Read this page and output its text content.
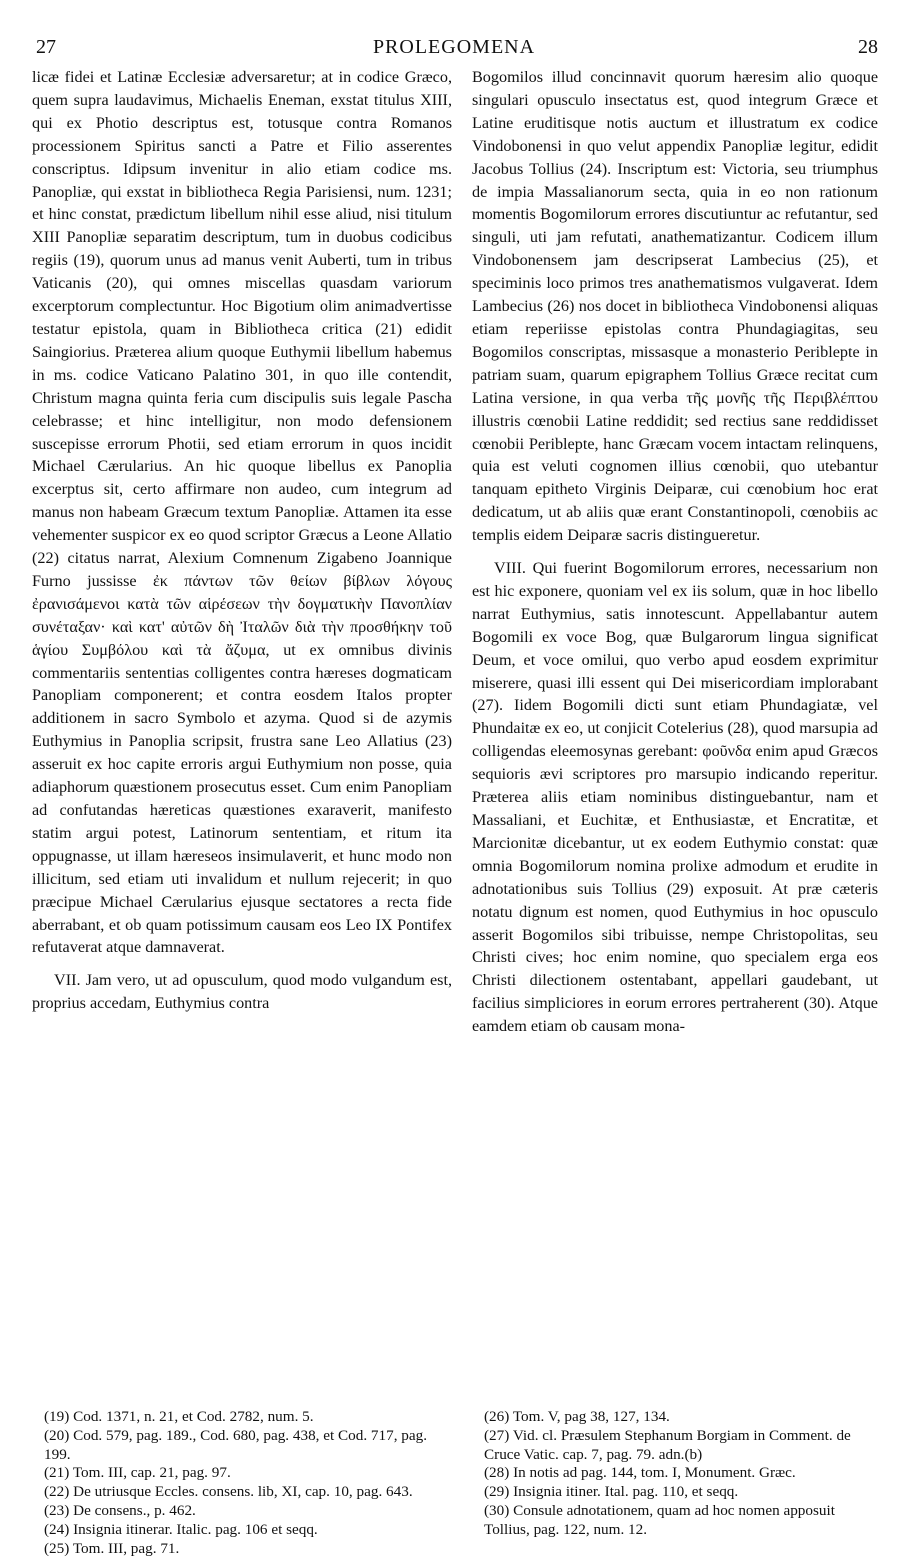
27	PROLEGOMENA	28

licæ fidei et Latinæ Ecclesiæ adversaretur; at in codice Græco, quem supra laudavimus, Michaelis Eneman, exstat titulus XIII, qui ex Photio descriptus est, totusque contra Romanos processionem Spiritus sancti a Patre et Filio asserentes conscriptus. Idipsum invenitur in alio etiam codice ms. Panopliæ, qui exstat in bibliotheca Regia Parisiensi, num. 1231; et hinc constat, prædictum libellum nihil esse aliud, nisi titulum XIII Panopliæ separatim descriptum, tum in duobus codicibus regiis (19), quorum unus ad manus venit Auberti, tum in tribus Vaticanis (20), qui omnes miscellas quasdam variorum excerptorum complectuntur. Hoc Bigotium olim animadvertisse testatur epistola, quam in Bibliotheca critica (21) edidit Saingiorius. Præterea alium quoque Euthymii libellum habemus in ms. codice Vaticano Palatino 301, in quo ille contendit, Christum magna quinta feria cum discipulis suis legale Pascha celebrasse; et hinc intelligitur, non modo defensionem suscepisse errorum Photii, sed etiam errorum in quos incidit Michael Cærularius. An hic quoque libellus ex Panoplia excerptus sit, certo affirmare non audeo, cum integrum ad manus non habeam Græcum textum Panopliæ. Attamen ita esse vehementer suspicor ex eo quod scriptor Græcus a Leone Allatio (22) citatus narrat, Alexium Comnenum Zigabeno Joannique Furno jussisse ἐκ πάντων τῶν θείων βίβλων λόγους ἐρανισάμενοι κατὰ τῶν αἱρέσεων τὴν δογματικὴν Πανοπλίαν συνέταξαν· καὶ κατ' αὐτῶν δὴ Ἰταλῶν διὰ τὴν προσθήκην τοῦ ἁγίου Συμβόλου καὶ τὰ ἄζυμα, ut ex omnibus divinis commentariis sententias colligentes contra hæreses dogmaticam Panopliam componerent; et contra eosdem Italos propter additionem in sacro Symbolo et azyma. Quod si de azymis Euthymius in Panoplia scripsit, frustra sane Leo Allatius (23) asseruit ex hoc capite erroris argui Euthymium non posse, quia adiaphorum quæstionem prosecutus esset. Cum enim Panopliam ad confutandas hæreticas quæstiones exaraverit, manifesto statim argui potest, Latinorum sententiam, et ritum ita oppugnasse, ut illam hæreseos insimulaverit, et hunc modo non illicitum, sed etiam uti invalidum et nullum rejecerit; in quo præcipue Michael Cærularius ejusque sectatores a recta fide aberrabant, et ob quam potissimum causam eos Leo IX Pontifex refutaverat atque damnaverat.

VII. Jam vero, ut ad opusculum, quod modo vulgandum est, proprius accedam, Euthymius contra

Bogomilos illud concinnavit quorum hæresim alio quoque singulari opusculo insectatus est, quod integrum Græce et Latine eruditisque notis auctum et illustratum ex codice Vindobonensi in quo velut appendix Panopliæ legitur, edidit Jacobus Tollius (24). Inscriptum est: Victoria, seu triumphus de impia Massalianorum secta, quia in eo non rationum momentis Bogomilorum errores discutiuntur ac refutantur, sed singuli, uti jam refutati, anathematizantur. Codicem illum Vindobonensem jam descripserat Lambecius (25), et speciminis loco primos tres anathematismos vulgaverat. Idem Lambecius (26) nos docet in bibliotheca Vindobonensi aliquas etiam reperiisse epistolas contra Phundagiagitas, seu Bogomilos conscriptas, missasque a monasterio Periblepte in patriam suam, quarum epigraphem Tollius Græce recitat cum Latina versione, in qua verba τῆς μονῆς τῆς Περιβλέπτου illustris cœnobii Latine reddidit; sed rectius sane reddidisset cœnobii Periblepte, hanc Græcam vocem intactam relinquens, quia est veluti cognomen illius cœnobii, quo utebantur tanquam epitheto Virginis Deiparæ, cui cœnobium hoc erat dedicatum, ut ab aliis quæ erant Constantinopoli, cœnobiis ac templis eidem Deiparæ sacris distingueretur.

VIII. Qui fuerint Bogomilorum errores, necessarium non est hic exponere, quoniam vel ex iis solum, quæ in hoc libello narrat Euthymius, satis innotescunt. Appellabantur autem Bogomili ex voce Bog, quæ Bulgarorum lingua significat Deum, et voce omilui, quo verbo apud eosdem exprimitur miserere, quasi illi essent qui Dei misericordiam implorabant (27). Iidem Bogomili dicti sunt etiam Phundagiatæ, vel Phundaitæ ex eo, ut conjicit Cotelerius (28), quod marsupia ad colligendas eleemosynas gerebant: φοῦνδα enim apud Græcos sequioris ævi scriptores pro marsupio indicando reperitur. Præterea aliis etiam nominibus distinguebantur, nam et Massaliani, et Euchitæ, et Enthusiastæ, et Encratitæ, et Marcionitæ dicebantur, ut ex eodem Euthymio constat: quæ omnia Bogomilorum nomina prolixe admodum et erudite in adnotationibus suis Tollius (29) exposuit. At præ cæteris notatu dignum est nomen, quod Euthymius in hoc opusculo asserit Bogomilos sibi tribuisse, nempe Christopolitas, seu Christi cives; hoc enim nomine, quo specialem erga eos Christi dilectionem ostentabant, appellari gaudebant, ut facilius simpliciores in eorum errores pertraherent (30). Atque eamdem etiam ob causam mona-

(19) Cod. 1371, n. 21, et Cod. 2782, num. 5.

(20) Cod. 579, pag. 189., Cod. 680, pag. 438, et Cod. 717, pag. 199.

(21) Tom. III, cap. 21, pag. 97.

(22) De utriusque Eccles. consens. lib, XI, cap. 10, pag. 643.

(23) De consens., p. 462.

(24) Insignia itinerar. Italic. pag. 106 et seqq.

(25) Tom. III, pag. 71.

(26) Tom. V, pag 38, 127, 134.

(27) Vid. cl. Præsulem Stephanum Borgiam in Comment. de Cruce Vatic. cap. 7, pag. 79. adn.(b)

(28) In notis ad pag. 144, tom. I, Monument. Græc.

(29) Insignia itiner. Ital. pag. 110, et seqq.

(30) Consule adnotationem, quam ad hoc nomen apposuit Tollius, pag. 122, num. 12.
